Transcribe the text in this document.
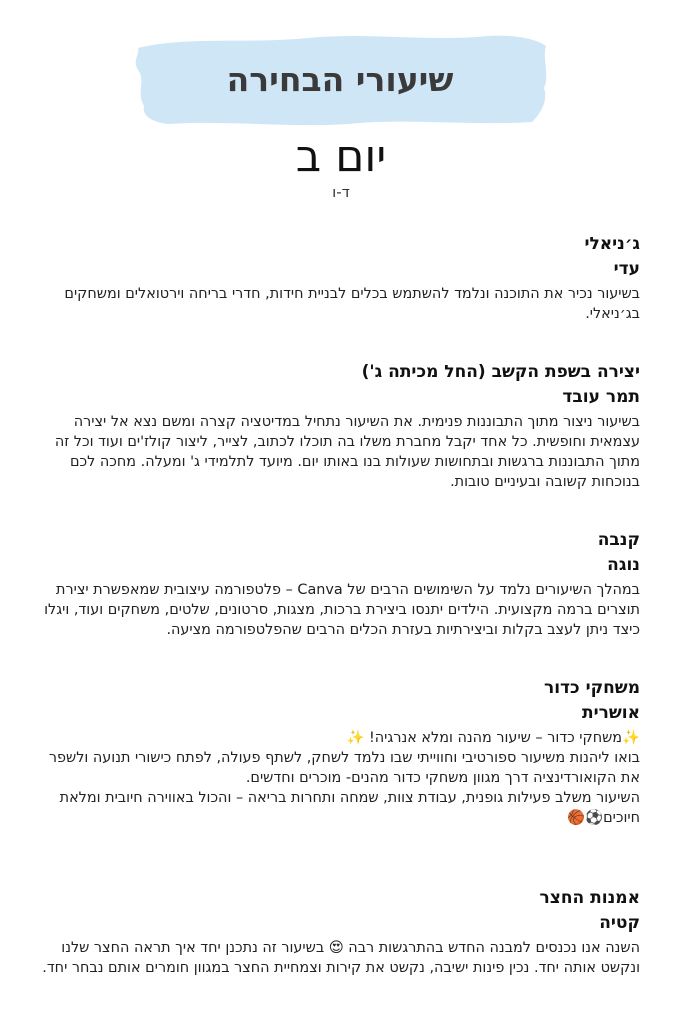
שיעורי הבחירה
יום ב
ד-ו
ג׳ניאלי
עדי

בשיעור נכיר את התוכנה ונלמד להשתמש בכלים לבניית חידות, חדרי בריחה וירטואלים ומשחקים בג׳ניאלי.

יצירה בשפת הקשב (החל מכיתה ג')
תמר עובד

בשיעור ניצור מתוך התבוננות פנימית. את השיעור נתחיל במדיטציה קצרה ומשם נצא אל יצירה עצמאית וחופשית. כל אחד יקבל מחברת משלו בה תוכלו לכתוב, לצייר, ליצור קולז'ים ועוד וכל זה מתוך התבוננות ברגשות ובתחושות שעולות בנו באותו יום. מיועד לתלמידי ג' ומעלה. מחכה לכם בנוכחות קשובה ובעיניים טובות.

קנבה
נוגה

במהלך השיעורים נלמד על השימושים הרבים של Canva – פלטפורמה עיצובית שמאפשרת יצירת תוצרים ברמה מקצועית. הילדים יתנסו ביצירת ברכות, מצגות, סרטונים, שלטים, משחקים ועוד, ויגלו כיצד ניתן לעצב בקלות וביצירתיות בעזרת הכלים הרבים שהפלטפורמה מציעה.

משחקי כדור
אושרית

✨משחקי כדור – שיעור מהנה ומלא אנרגיה! ✨

בואו ליהנות משיעור ספורטיבי וחווייתי שבו נלמד לשחק, לשתף פעולה, לפתח כישורי תנועה ולשפר את הקואורדינציה דרך מגוון משחקי כדור מהנים- מוכרים וחדשים.

השיעור משלב פעילות גופנית, עבודת צוות, שמחה ותחרות בריאה – והכול באווירה חיובית ומלאת חיוכים⚽🏀

אמנות החצר
קטיה

השנה אנו נכנסים למבנה החדש בהתרגשות רבה 😍 בשיעור זה נתכנן יחד איך תראה החצר שלנו ונקשט אותה יחד. נכין פינות ישיבה, נקשט את קירות וצמחיית החצר במגוון חומרים אותם נבחר יחד.
